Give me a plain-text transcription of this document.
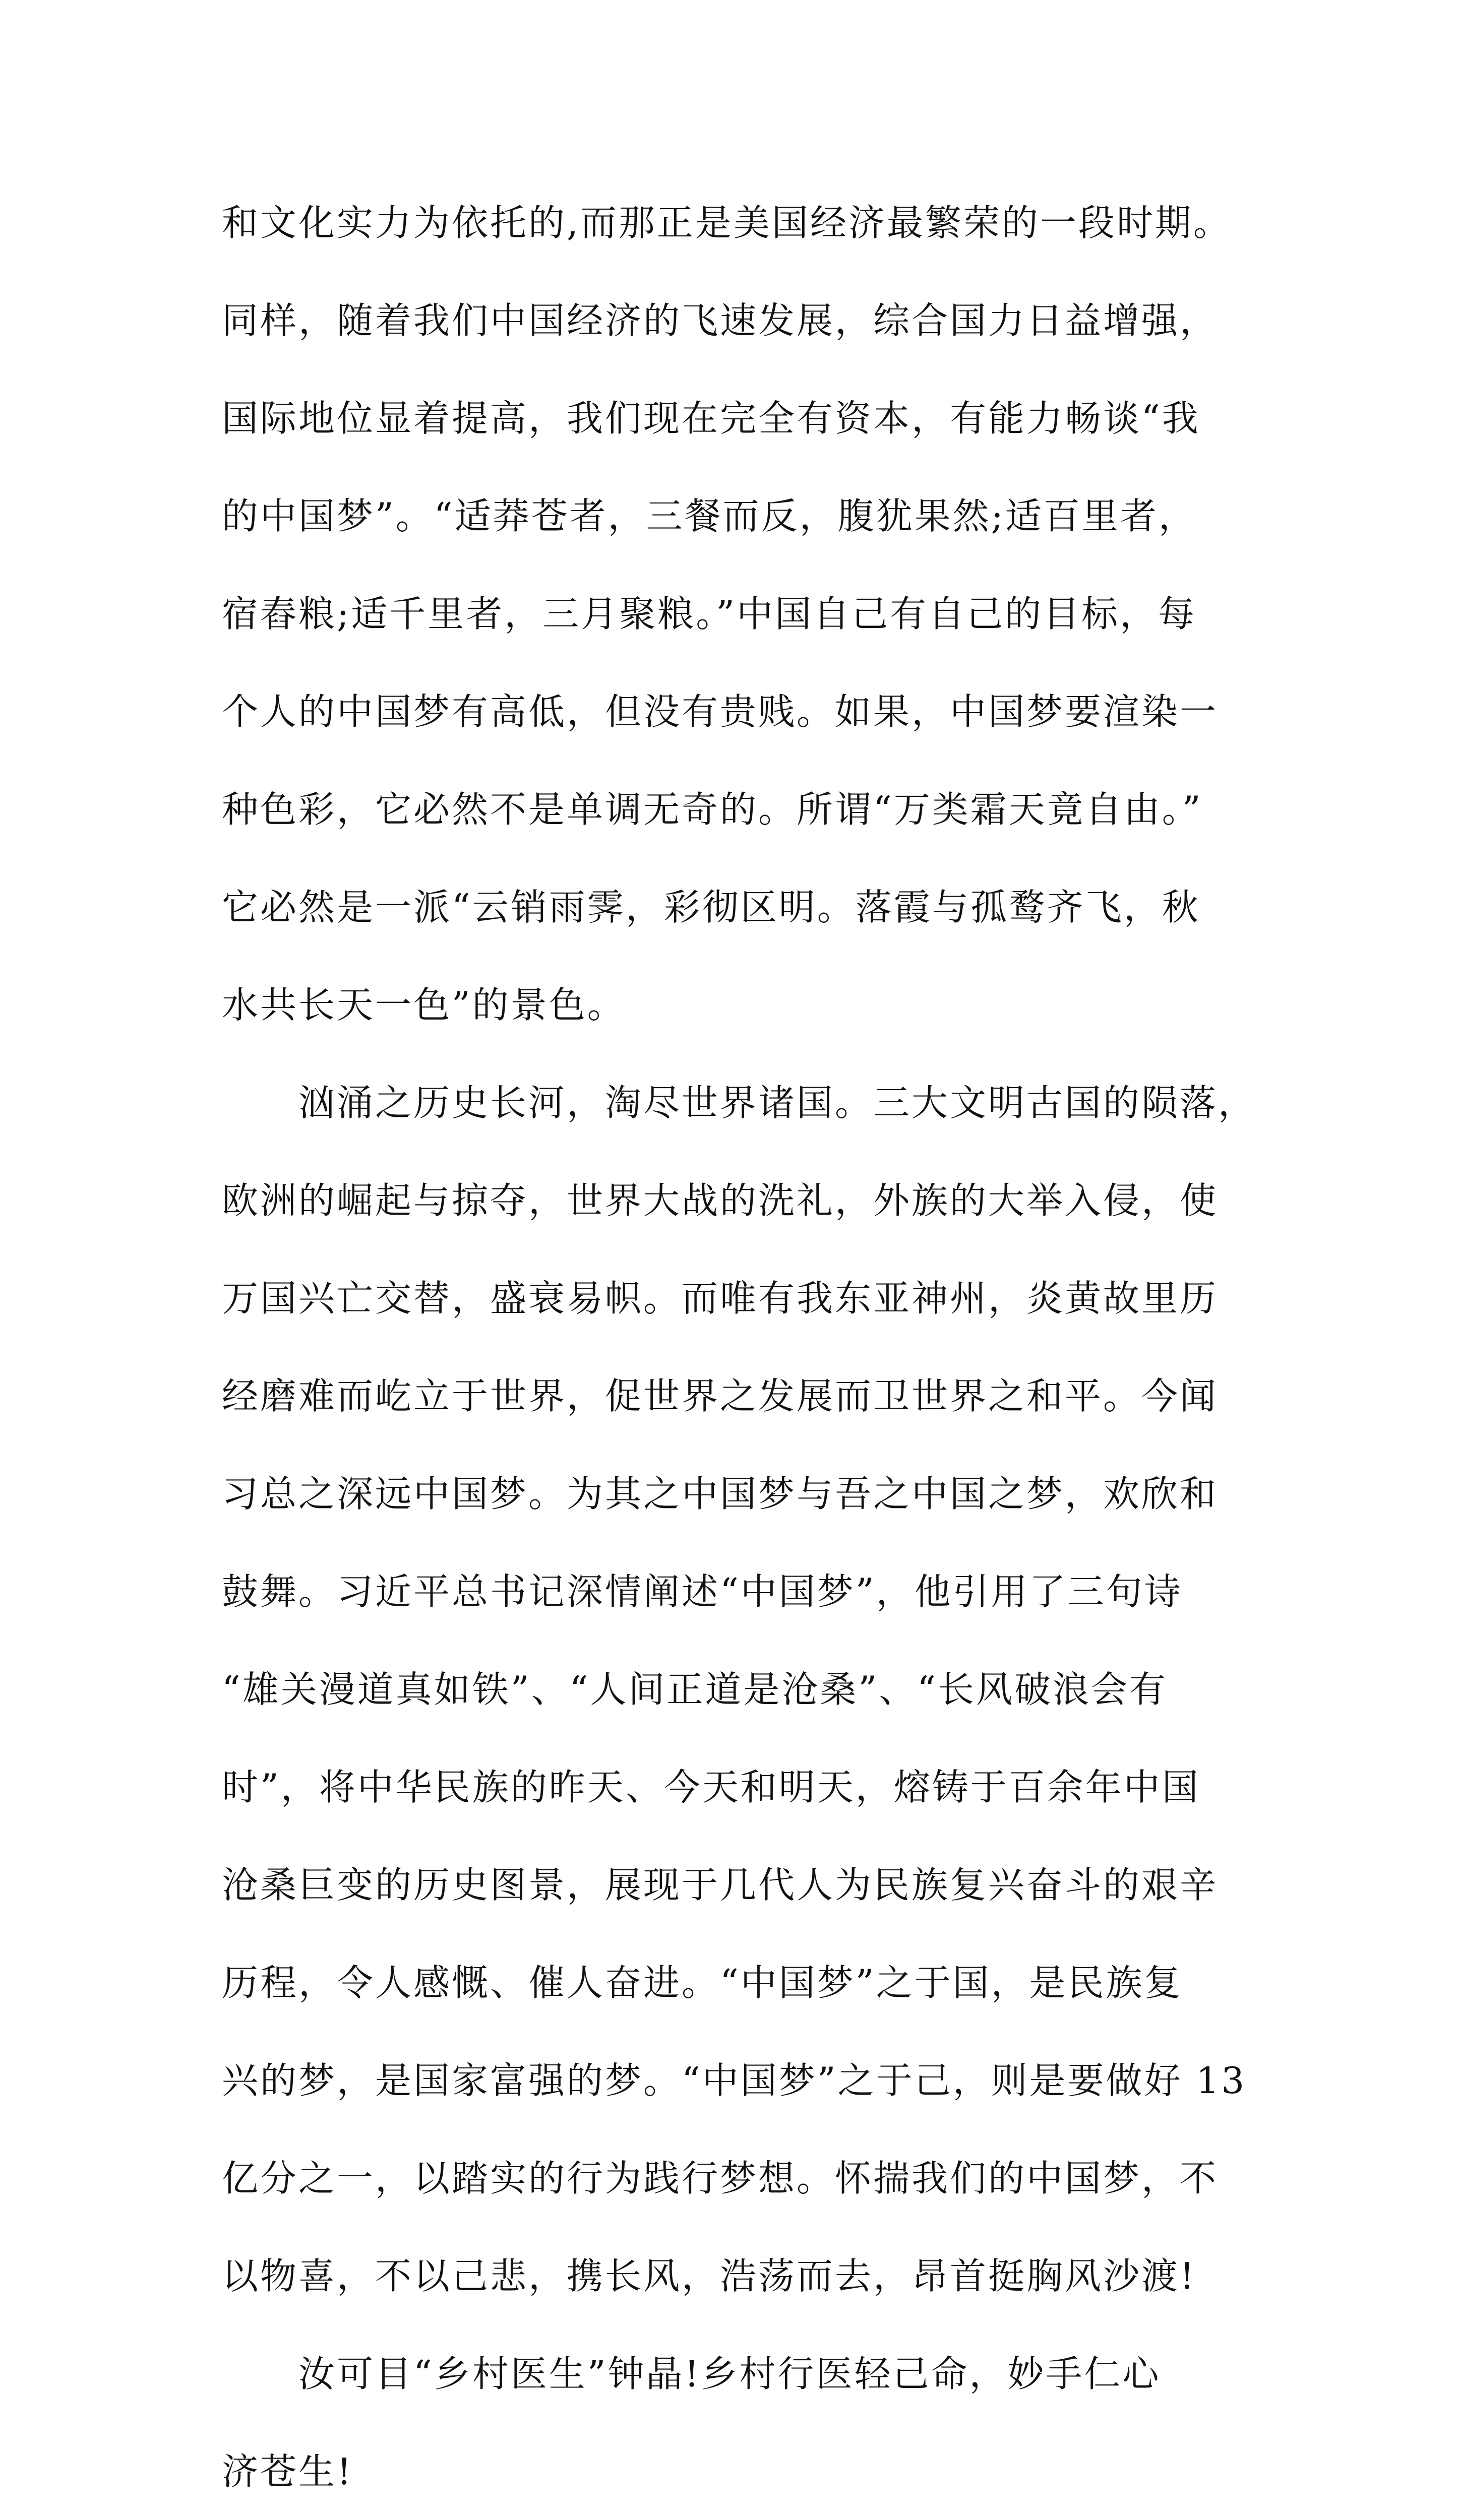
和文化实力为依托的,而那正是美国经济最繁荣的一段时期。
同样，随着我们中国经济的飞速发展，综合国力日益增强，
国际地位显着提高，我们现在完全有资本，有能力畅谈“我
的中国梦”。“适莽苍者，三餐而反，腹犹果然;适百里者，
宿舂粮;适千里者，三月聚粮。”中国自己有自己的目标，每
个人的中国梦有高低，但没有贵贱。如果，中国梦要渲染一
种色彩，它必然不是单调无奇的。所谓“万类霜天竟自由。”
它必然是一派“云销雨霁，彩彻区明。落霞与孤鹜齐飞，秋
水共长天一色”的景色。
　　汹涌之历史长河，淘尽世界诸国。三大文明古国的陨落，
欧洲的崛起与掠夺，世界大战的洗礼，外族的大举入侵，使
万国兴亡交替，盛衰易帜。而唯有我东亚神州，炎黄故里历
经磨难而屹立于世界，促世界之发展而卫世界之和平。今闻
习总之深远中国梦。为其之中国梦与吾之中国之梦，欢欣和
鼓舞。习近平总书记深情阐述“中国梦”，他引用了三句诗
“雄关漫道真如铁”、“人间正道是沧桑”、“长风破浪会有
时”，将中华民族的昨天、今天和明天，熔铸于百余年中国
沧桑巨变的历史图景，展现于几代人为民族复兴奋斗的艰辛
历程，令人感慨、催人奋进。“中国梦”之于国，是民族复
兴的梦，是国家富强的梦。“中国梦”之于己，则是要做好 13
亿分之一，以踏实的行为践行梦想。怀揣我们的中国梦，不
以物喜，不以己悲，携长风，浩荡而去，昂首挺胸风沙渡!
　　汝可目“乡村医生”钟晶!乡村行医轻己命，妙手仁心
济苍生!
